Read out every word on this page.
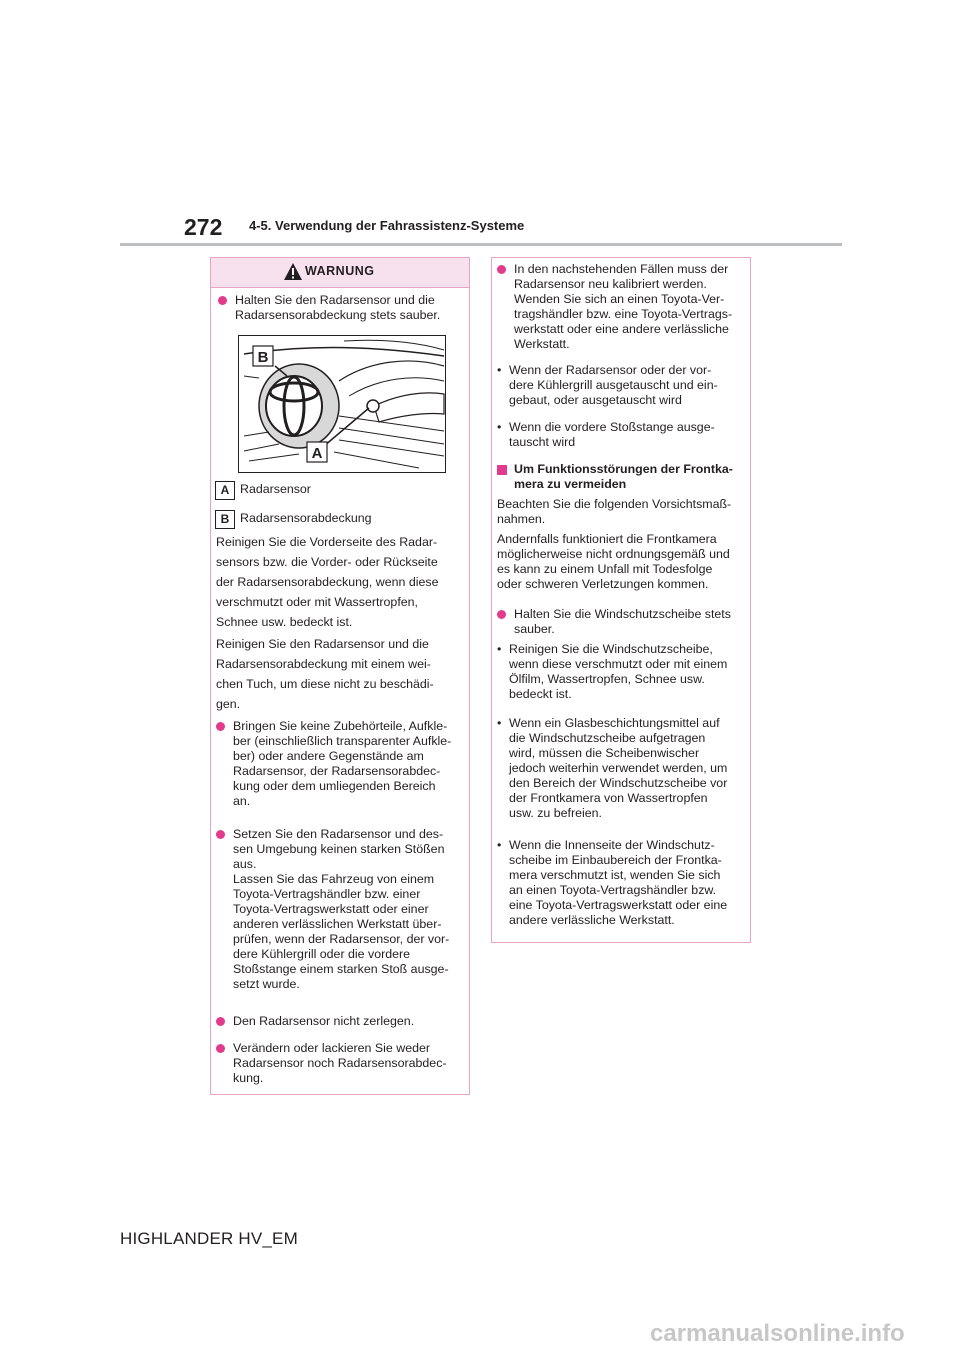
272 4-5. Verwendung der Fahrassistenz-Systeme
WARNUNG
Halten Sie den Radarsensor und die
Radarsensorabdeckung stets sauber.
B
A
A Radarsensor
B Radarsensorabdeckung
Reinigen Sie die Vorderseite des Radar-
sensors bzw. die Vorder- oder Rückseite
der Radarsensorabdeckung, wenn diese
verschmutzt oder mit Wassertropfen,
Schnee usw. bedeckt ist.
Reinigen Sie den Radarsensor und die
Radarsensorabdeckung mit einem wei-
chen Tuch, um diese nicht zu beschädi-
gen.
Bringen Sie keine Zubehörteile, Aufkle-
ber (einschließlich transparenter Aufkle-
ber) oder andere Gegenstände am
Radarsensor, der Radarsensorabdec-
kung oder dem umliegenden Bereich
an.
Setzen Sie den Radarsensor und des-
sen Umgebung keinen starken Stößen
aus.
Lassen Sie das Fahrzeug von einem
Toyota-Vertragshändler bzw. einer
Toyota-Vertragswerkstatt oder einer
anderen verlässlichen Werkstatt über-
prüfen, wenn der Radarsensor, der vor-
dere Kühlergrill oder die vordere
Stoßstange einem starken Stoß ausge-
setzt wurde.
Den Radarsensor nicht zerlegen.
Verändern oder lackieren Sie weder
Radarsensor noch Radarsensorabdec-
kung.
In den nachstehenden Fällen muss der
Radarsensor neu kalibriert werden.
Wenden Sie sich an einen Toyota-Ver-
tragshändler bzw. eine Toyota-Vertrags-
werkstatt oder eine andere verlässliche
Werkstatt.
• Wenn der Radarsensor oder der vor-
dere Kühlergrill ausgetauscht und ein-
gebaut, oder ausgetauscht wird
• Wenn die vordere Stoßstange ausge-
tauscht wird
Um Funktionsstörungen der Frontka-
mera zu vermeiden
Beachten Sie die folgenden Vorsichtsmaß-
nahmen.
Andernfalls funktioniert die Frontkamera
möglicherweise nicht ordnungsgemäß und
es kann zu einem Unfall mit Todesfolge
oder schweren Verletzungen kommen.
Halten Sie die Windschutzscheibe stets
sauber.
• Reinigen Sie die Windschutzscheibe,
wenn diese verschmutzt oder mit einem
Ölfilm, Wassertropfen, Schnee usw.
bedeckt ist.
• Wenn ein Glasbeschichtungsmittel auf
die Windschutzscheibe aufgetragen
wird, müssen die Scheibenwischer
jedoch weiterhin verwendet werden, um
den Bereich der Windschutzscheibe vor
der Frontkamera von Wassertropfen
usw. zu befreien.
• Wenn die Innenseite der Windschutz-
scheibe im Einbaubereich der Frontka-
mera verschmutzt ist, wenden Sie sich
an einen Toyota-Vertragshändler bzw.
eine Toyota-Vertragswerkstatt oder eine
andere verlässliche Werkstatt.
HIGHLANDER HV_EM
carmanualsonline.info
